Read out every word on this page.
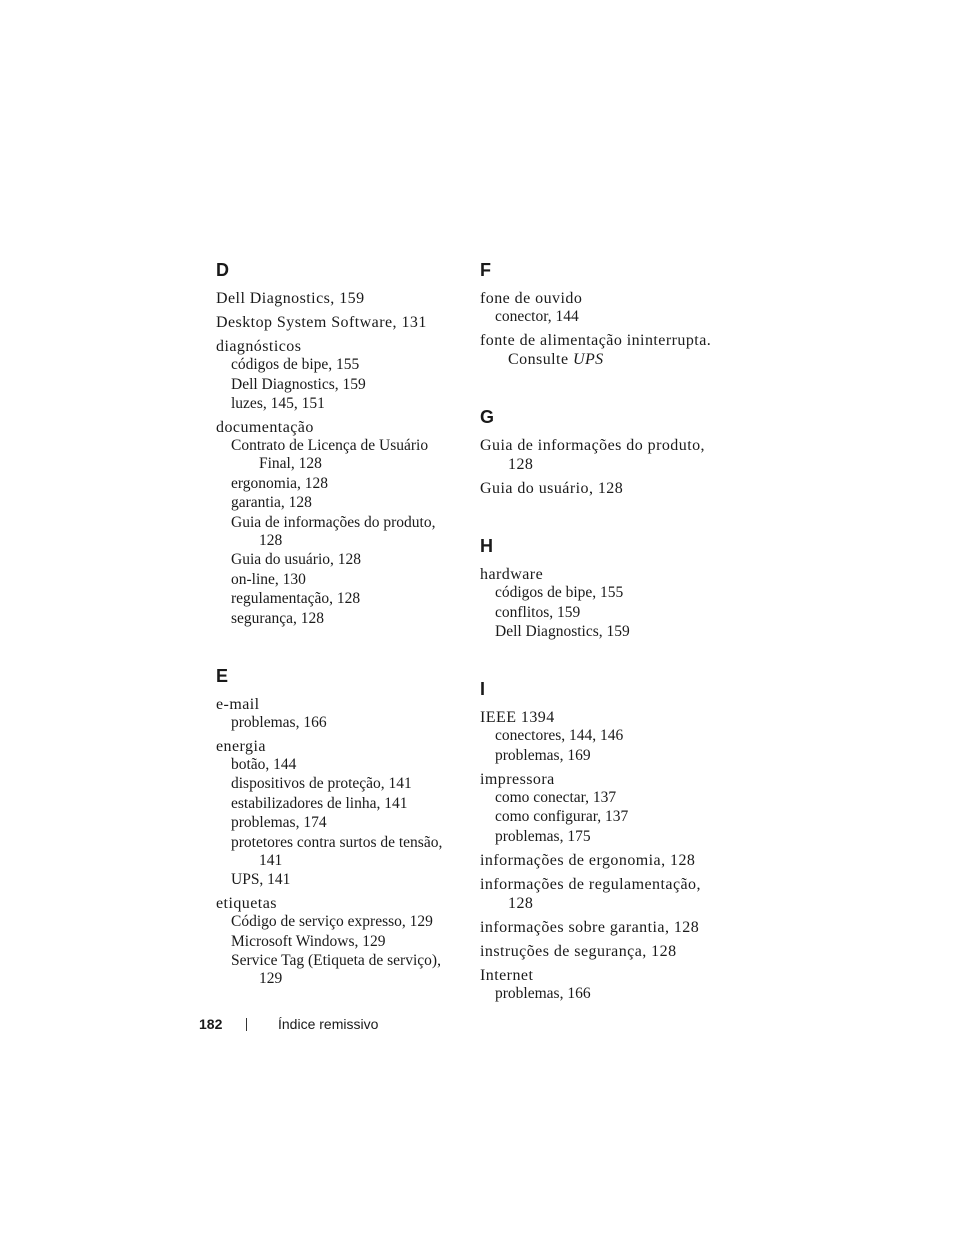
D
Dell Diagnostics, 159
Desktop System Software, 131
diagnósticos
códigos de bipe, 155
Dell Diagnostics, 159
luzes, 145, 151
documentação
Contrato de Licença de Usuário Final, 128
ergonomia, 128
garantia, 128
Guia de informações do produto, 128
Guia do usuário, 128
on-line, 130
regulamentação, 128
segurança, 128
E
e-mail
problemas, 166
energia
botão, 144
dispositivos de proteção, 141
estabilizadores de linha, 141
problemas, 174
protetores contra surtos de tensão, 141
UPS, 141
etiquetas
Código de serviço expresso, 129
Microsoft Windows, 129
Service Tag (Etiqueta de serviço), 129
F
fone de ouvido
conector, 144
fonte de alimentação ininterrupta. Consulte UPS
G
Guia de informações do produto, 128
Guia do usuário, 128
H
hardware
códigos de bipe, 155
conflitos, 159
Dell Diagnostics, 159
I
IEEE 1394
conectores, 144, 146
problemas, 169
impressora
como conectar, 137
como configurar, 137
problemas, 175
informações de ergonomia, 128
informações de regulamentação, 128
informações sobre garantia, 128
instruções de segurança, 128
Internet
problemas, 166
182	Índice remissivo
